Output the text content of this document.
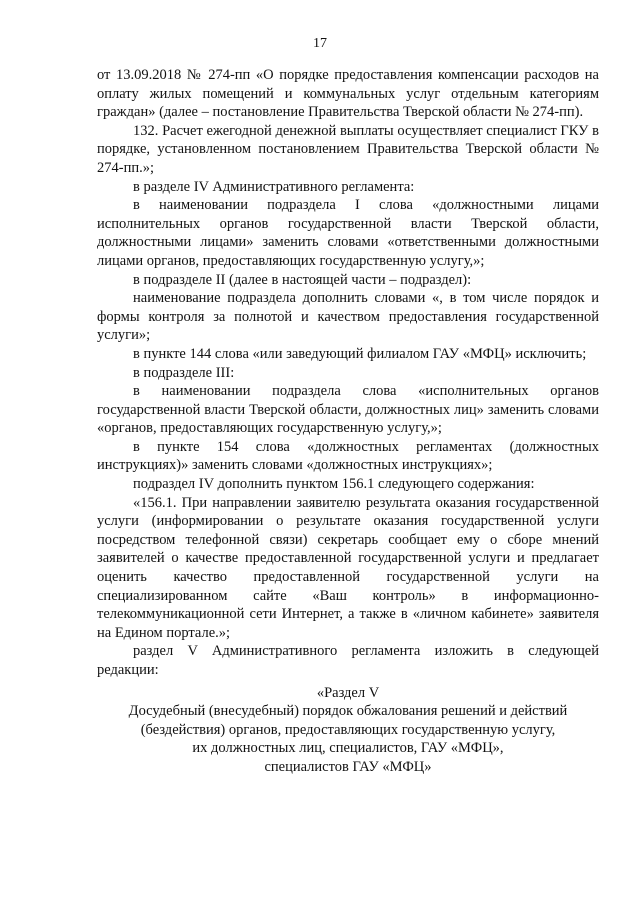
17

от 13.09.2018 № 274-пп «О порядке предоставления компенсации расходов на оплату жилых помещений и коммунальных услуг отдельным категориям граждан» (далее – постановление Правительства Тверской области № 274-пп).

132. Расчет ежегодной денежной выплаты осуществляет специалист ГКУ в порядке, установленном постановлением Правительства Тверской области № 274-пп.»;

в разделе IV Административного регламента:

в наименовании подраздела I слова «должностными лицами исполнительных органов государственной власти Тверской области, должностными лицами» заменить словами «ответственными должностными лицами органов, предоставляющих государственную услугу,»;

в подразделе II (далее в настоящей части – подраздел):

наименование подраздела дополнить словами «, в том числе порядок и формы контроля за полнотой и качеством предоставления государственной услуги»;

в пункте 144 слова «или заведующий филиалом ГАУ «МФЦ» исключить;

в подразделе III:

в наименовании подраздела слова «исполнительных органов государственной власти Тверской области, должностных лиц» заменить словами «органов, предоставляющих государственную услугу,»;

в пункте 154 слова «должностных регламентах (должностных инструкциях)» заменить словами «должностных инструкциях»;

подраздел IV дополнить пунктом 156.1 следующего содержания:

«156.1. При направлении заявителю результата оказания государственной услуги (информировании о результате оказания государственной услуги посредством телефонной связи) секретарь сообщает ему о сборе мнений заявителей о качестве предоставленной государственной услуги и предлагает оценить качество предоставленной государственной услуги на специализированном сайте «Ваш контроль» в информационно-телекоммуникационной сети Интернет, а также в «личном кабинете» заявителя на Едином портале.»;

раздел V Административного регламента изложить в следующей редакции:

«Раздел V

Досудебный (внесудебный) порядок обжалования решений и действий

(бездействия) органов, предоставляющих государственную услугу,

их должностных лиц, специалистов, ГАУ «МФЦ»,

специалистов ГАУ «МФЦ»
